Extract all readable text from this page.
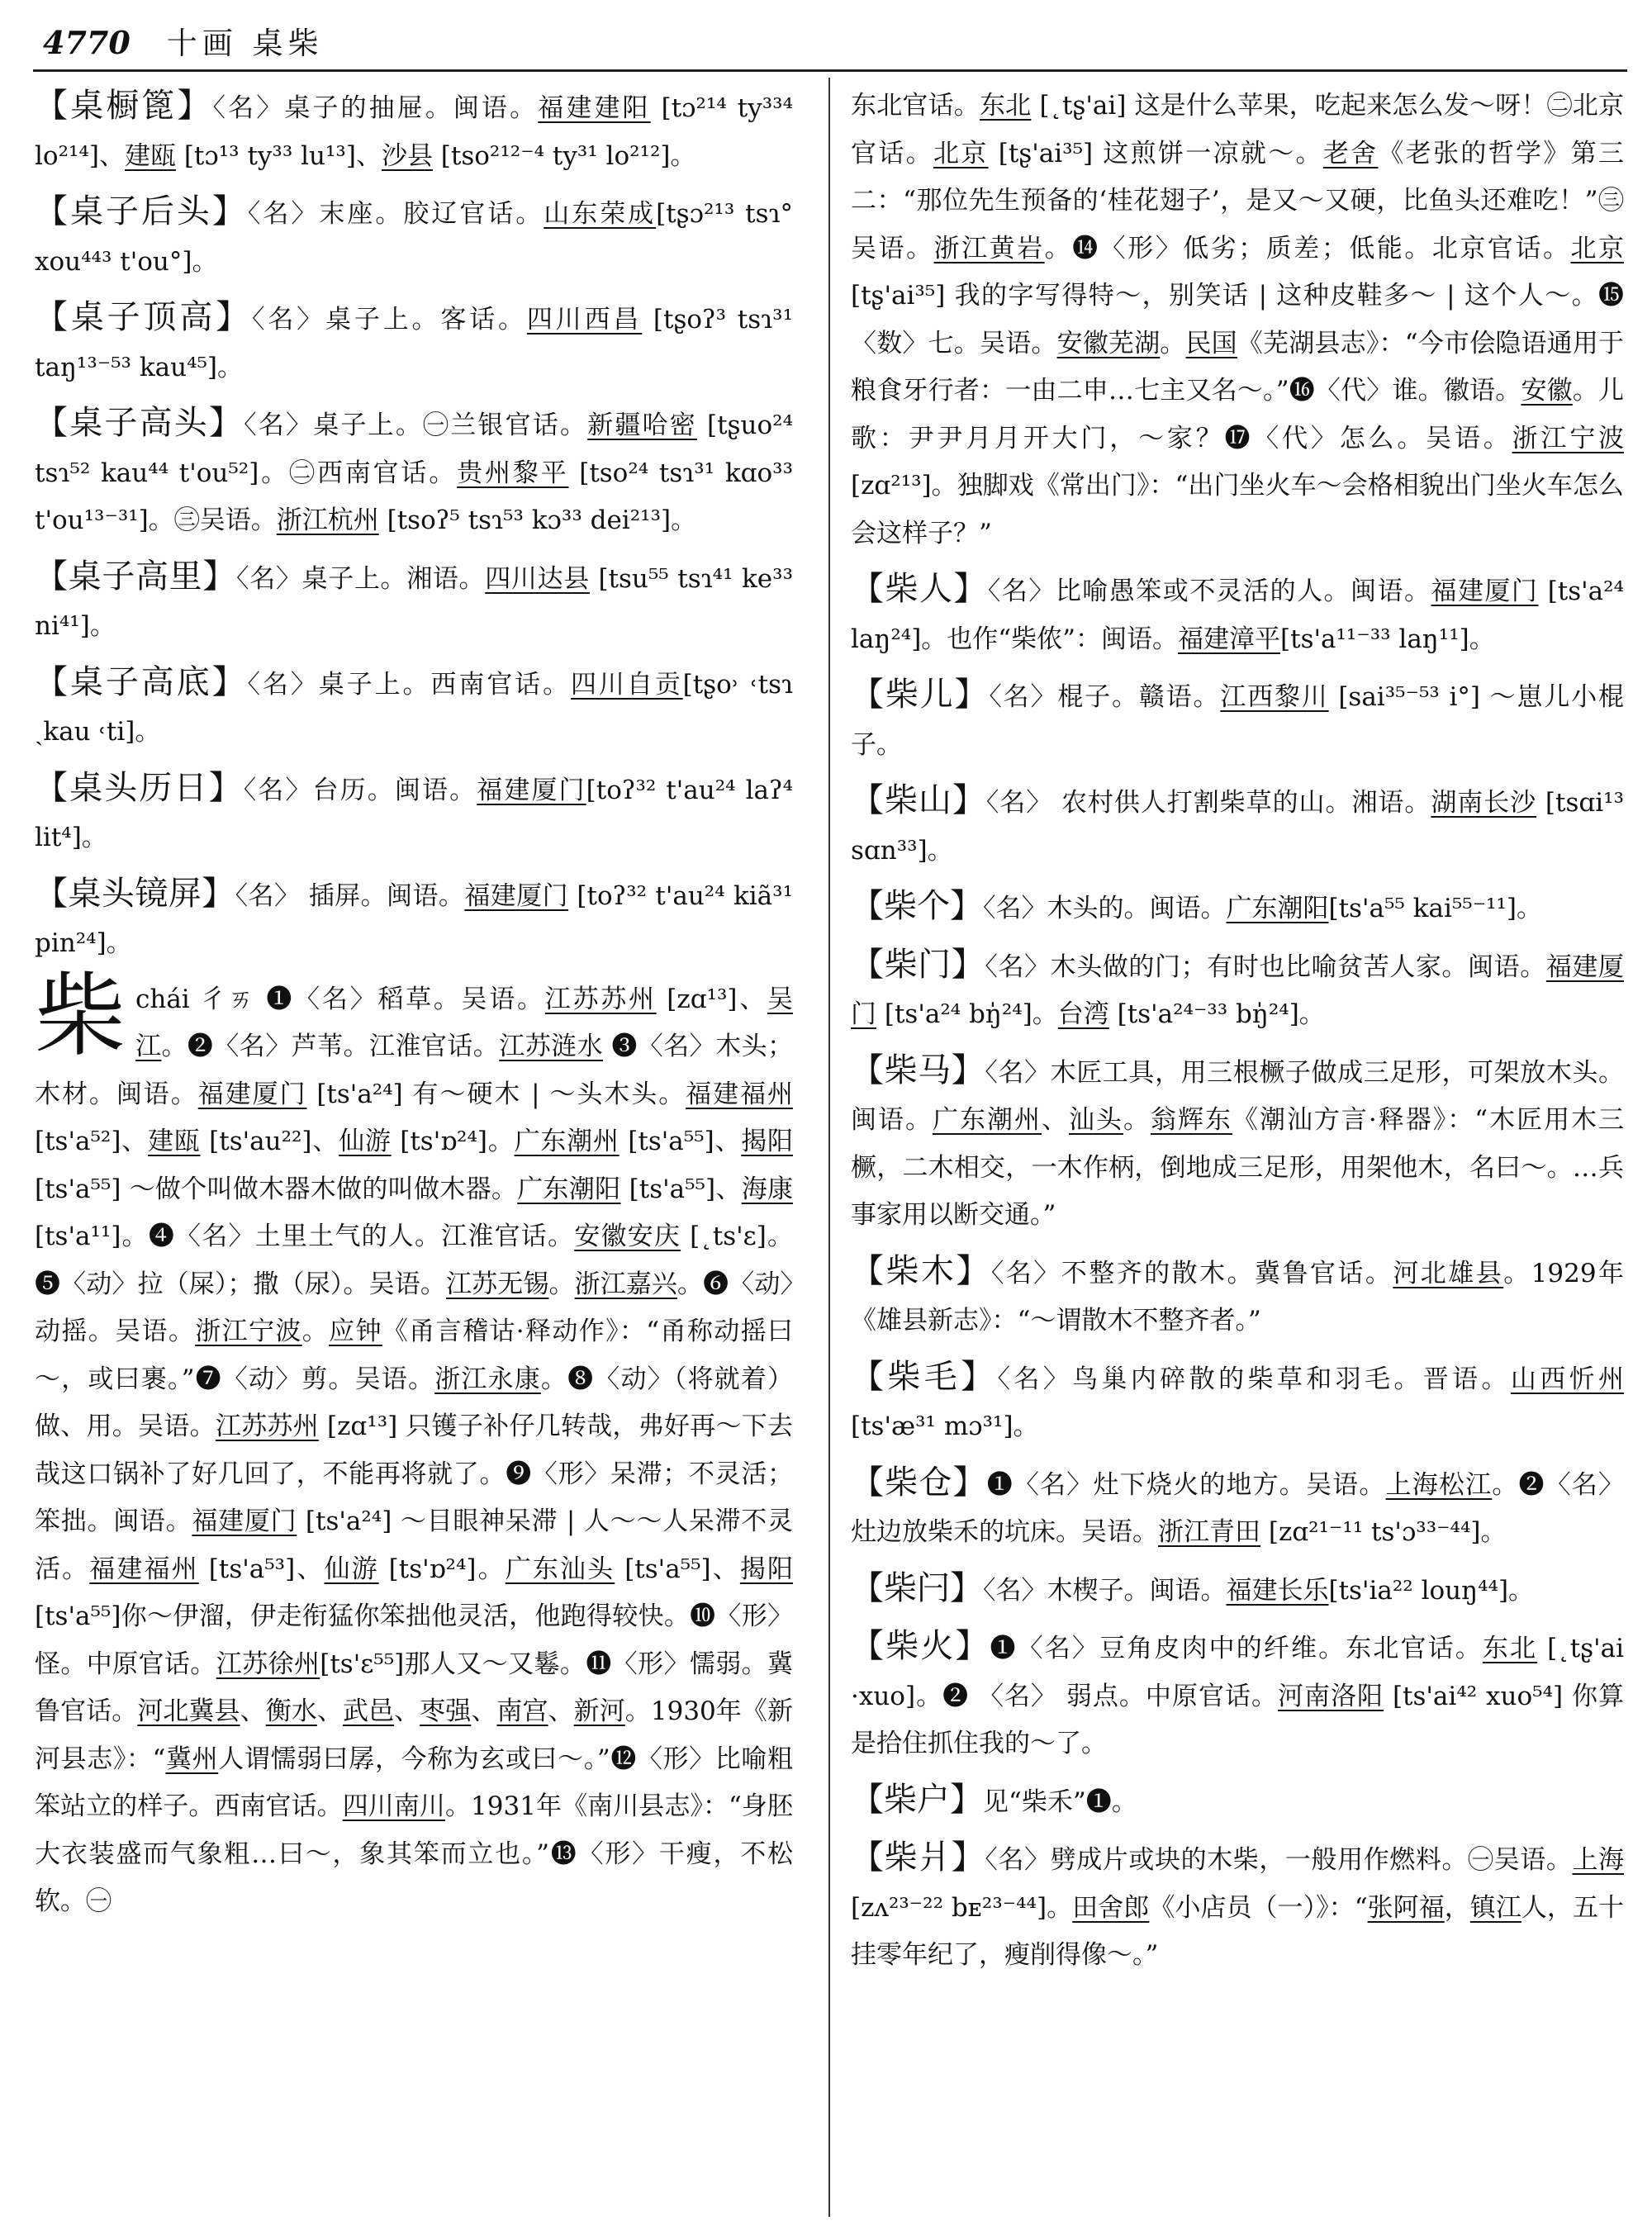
4770 十画 桌柴

【桌橱篦】〈名〉桌子的抽屉。闽语。福建建阳 [tɔ²¹⁴ ty³³⁴ lo²¹⁴]、建瓯 [tɔ¹³ ty³³ lu¹³]、沙县 [tso²¹²⁻⁴ ty³¹ lo²¹²]。

【桌子后头】〈名〉末座。胶辽官话。山东荣成[tʂɔ²¹³ tsɿ° xou⁴⁴³ t'ou°]。

【桌子顶高】〈名〉桌子上。客话。四川西昌 [tʂoʔ³ tsɿ³¹ taŋ¹³⁻⁵³ kau⁴⁵]。

【桌子高头】〈名〉桌子上。㊀兰银官话。新疆哈密 [tʂuo²⁴ tsɿ⁵² kau⁴⁴ t'ou⁵²]。㊁西南官话。贵州黎平 [tso²⁴ tsɿ³¹ kɑo³³ t'ou¹³⁻³¹]。㊂吴语。浙江杭州 [tsoʔ⁵ tsɿ⁵³ kɔ³³ dei²¹³]。

【桌子高里】〈名〉桌子上。湘语。四川达县 [tsu⁵⁵ tsɿ⁴¹ ke³³ ni⁴¹]。

【桌子高底】〈名〉桌子上。西南官话。四川自贡[tʂo˒ ˓tsɿ ˏkau ˓ti]。

【桌头历日】〈名〉台历。闽语。福建厦门[toʔ³² t'au²⁴ laʔ⁴ lit⁴]。

【桌头镜屏】〈名〉 插屏。闽语。福建厦门 [toʔ³² t'au²⁴ kiã³¹ pin²⁴]。

柴 chái 彳ㄞ ❶〈名〉稻草。吴语。江苏苏州 [zɑ¹³]、吴江。❷〈名〉芦苇。江淮官话。江苏涟水 ❸〈名〉木头；木材。闽语。福建厦门 [ts'a²⁴] 有～硬木 | ～头木头。福建福州 [ts'a⁵²]、建瓯 [ts'au²²]、仙游 [ts'ɒ²⁴]。广东潮州 [ts'a⁵⁵]、揭阳 [ts'a⁵⁵] ～做个叫做木器木做的叫做木器。广东潮阳 [ts'a⁵⁵]、海康 [ts'a¹¹]。❹〈名〉土里土气的人。江淮官话。安徽安庆 [˛ts'ɛ]。❺〈动〉拉（屎）；撒（尿）。吴语。江苏无锡。浙江嘉兴。❻〈动〉动摇。吴语。浙江宁波。应钟《甬言稽诂·释动作》：“甬称动摇曰～，或曰裹。”❼〈动〉剪。吴语。浙江永康。❽〈动〉（将就着）做、用。吴语。江苏苏州 [zɑ¹³] 只镬子补仔几转哉，弗好再～下去哉这口锅补了好几回了，不能再将就了。❾〈形〉呆滞；不灵活；笨拙。闽语。福建厦门 [ts'a²⁴] ～目眼神呆滞 | 人～～人呆滞不灵活。福建福州 [ts'a⁵³]、仙游 [ts'ɒ²⁴]。广东汕头 [ts'a⁵⁵]、揭阳[ts'a⁵⁵]你～伊溜，伊走衔猛你笨拙他灵活，他跑得较快。❿〈形〉怪。中原官话。江苏徐州[ts'ɛ⁵⁵]那人又～又鬈。⓫〈形〉懦弱。冀鲁官话。河北冀县、衡水、武邑、枣强、南宫、新河。1930年《新河县志》：“冀州人谓懦弱曰孱，今称为玄或曰～。”⓬〈形〉比喻粗笨站立的样子。西南官话。四川南川。1931年《南川县志》：“身胚大衣装盛而气象粗…曰～，象其笨而立也。”⓭〈形〉干瘦，不松软。㊀

东北官话。东北 [˛tʂ'ai] 这是什么苹果，吃起来怎么发～呀！㊁北京官话。北京 [tʂ'ai³⁵] 这煎饼一凉就～。老舍《老张的哲学》第三二：“那位先生预备的‘桂花翅子’，是又～又硬，比鱼头还难吃！”㊂吴语。浙江黄岩。⓮〈形〉低劣；质差；低能。北京官话。北京 [tʂ'ai³⁵] 我的字写得特～，别笑话 | 这种皮鞋多～ | 这个人～。⓯〈数〉七。吴语。安徽芜湖。民国《芜湖县志》：“今市侩隐语通用于粮食牙行者：一由二申…七主又名～。”⓰〈代〉谁。徽语。安徽。儿歌：尹尹月月开大门，～家？⓱〈代〉怎么。吴语。浙江宁波 [zɑ²¹³]。独脚戏《常出门》：“出门坐火车～会格相貌出门坐火车怎么会这样子？”

【柴人】〈名〉比喻愚笨或不灵活的人。闽语。福建厦门 [ts'a²⁴ laŋ²⁴]。也作“柴侬”：闽语。福建漳平[ts'a¹¹⁻³³ laŋ¹¹]。

【柴儿】〈名〉棍子。赣语。江西黎川 [sai³⁵⁻⁵³ i°] ～崽儿小棍子。

【柴山】〈名〉 农村供人打割柴草的山。湘语。湖南长沙 [tsɑi¹³ sɑn³³]。

【柴个】〈名〉木头的。闽语。广东潮阳[ts'a⁵⁵ kai⁵⁵⁻¹¹]。

【柴门】〈名〉木头做的门；有时也比喻贫苦人家。闽语。福建厦门 [ts'a²⁴ bŋ̍²⁴]。台湾 [ts'a²⁴⁻³³ bŋ̍²⁴]。

【柴马】〈名〉木匠工具，用三根橛子做成三足形，可架放木头。闽语。广东潮州、汕头。翁辉东《潮汕方言·释器》：“木匠用木三橛，二木相交，一木作柄，倒地成三足形，用架他木，名曰～。…兵事家用以断交通。”

【柴木】〈名〉不整齐的散木。冀鲁官话。河北雄县。1929年《雄县新志》：“～谓散木不整齐者。”

【柴毛】〈名〉鸟巢内碎散的柴草和羽毛。晋语。山西忻州 [ts'æ³¹ mɔ³¹]。

【柴仓】❶〈名〉灶下烧火的地方。吴语。上海松江。❷〈名〉 灶边放柴禾的坑床。吴语。浙江青田 [zɑ²¹⁻¹¹ ts'ɔ³³⁻⁴⁴]。

【柴闩】〈名〉木楔子。闽语。福建长乐[ts'ia²² louŋ⁴⁴]。

【柴火】❶〈名〉豆角皮肉中的纤维。东北官话。东北 [˛tʂ'ai ·xuo]。❷ 〈名〉 弱点。中原官话。河南洛阳 [ts'ai⁴² xuo⁵⁴] 你算是拾住抓住我的～了。

【柴户】见“柴禾”❶。

【柴爿】〈名〉劈成片或块的木柴，一般用作燃料。㊀吴语。上海 [zʌ²³⁻²² bᴇ²³⁻⁴⁴]。田舍郎《小店员（一）》：“张阿福，镇江人，五十挂零年纪了，瘦削得像～。”
